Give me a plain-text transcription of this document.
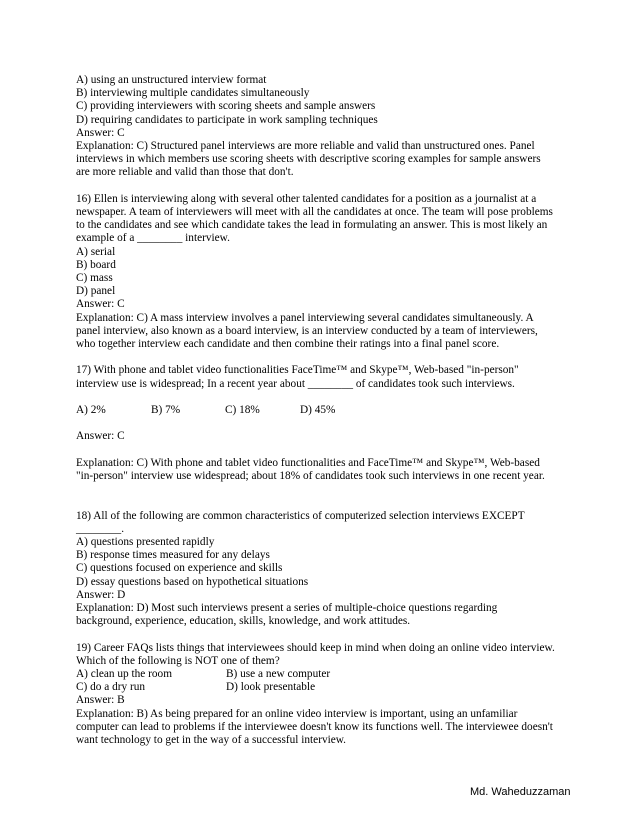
A) using an unstructured interview format
B) interviewing multiple candidates simultaneously
C) providing interviewers with scoring sheets and sample answers
D) requiring candidates to participate in work sampling techniques
Answer: C
Explanation: C) Structured panel interviews are more reliable and valid than unstructured ones. Panel
interviews in which members use scoring sheets with descriptive scoring examples for sample answers
are more reliable and valid than those that don't.
16) Ellen is interviewing along with several other talented candidates for a position as a journalist at a
newspaper. A team of interviewers will meet with all the candidates at once. The team will pose problems
to the candidates and see which candidate takes the lead in formulating an answer. This is most likely an
example of a ________ interview.
A) serial
B) board
C) mass
D) panel
Answer: C
Explanation: C) A mass interview involves a panel interviewing several candidates simultaneously. A
panel interview, also known as a board interview, is an interview conducted by a team of interviewers,
who together interview each candidate and then combine their ratings into a final panel score.
17) With phone and tablet video functionalities FaceTime™ and Skype™, Web-based "in-person"
interview use is widespread; In a recent year about ________ of candidates took such interviews.
A) 2%	B) 7%	C) 18%	D) 45%
Answer: C
Explanation: C) With phone and tablet video functionalities and FaceTime™ and Skype™, Web-based
"in-person" interview use widespread; about 18% of candidates took such interviews in one recent year.
18) All of the following are common characteristics of computerized selection interviews EXCEPT
________.
A) questions presented rapidly
B) response times measured for any delays
C) questions focused on experience and skills
D) essay questions based on hypothetical situations
Answer: D
Explanation: D) Most such interviews present a series of multiple-choice questions regarding
background, experience, education, skills, knowledge, and work attitudes.
19) Career FAQs lists things that interviewees should keep in mind when doing an online video interview.
Which of the following is NOT one of them?
A) clean up the room	B) use a new computer
C) do a dry run	D) look presentable
Answer: B
Explanation: B) As being prepared for an online video interview is important, using an unfamiliar
computer can lead to problems if the interviewee doesn't know its functions well. The interviewee doesn't
want technology to get in the way of a successful interview.
Md. Waheduzzaman
